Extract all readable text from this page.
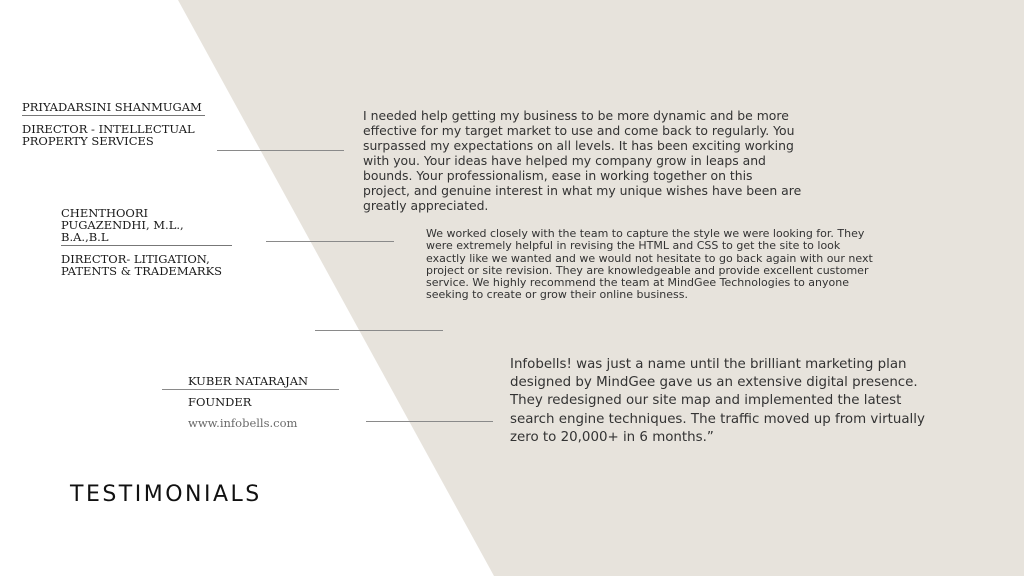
PRIYADARSINI SHANMUGAM
DIRECTOR - INTELLECTUAL PROPERTY SERVICES
I needed help getting my business to be more dynamic and be more effective for my target market to use and come back to regularly. You surpassed my expectations on all levels. It has been exciting working with you. Your ideas have helped my company grow in leaps and bounds. Your professionalism, ease in working together on this project, and genuine interest in what my unique wishes have been are greatly appreciated.
CHENTHOORI PUGAZENDHI, M.L., B.A.,B.L
DIRECTOR- LITIGATION, PATENTS & TRADEMARKS
We worked closely with the team to capture the style we were looking for. They were extremely helpful in revising the HTML and CSS to get the site to look exactly like we wanted and we would not hesitate to go back again with our next project or site revision. They are knowledgeable and provide excellent customer service. We highly recommend the team at MindGee Technologies to anyone seeking to create or grow their online business.
KUBER NATARAJAN
FOUNDER
www.infobells.com
Infobells! was just a name until the brilliant marketing plan designed by MindGee gave us an extensive digital presence. They redesigned our site map and implemented the latest search engine techniques. The traffic moved up from virtually zero to 20,000+ in 6 months.”
TESTIMONIALS
